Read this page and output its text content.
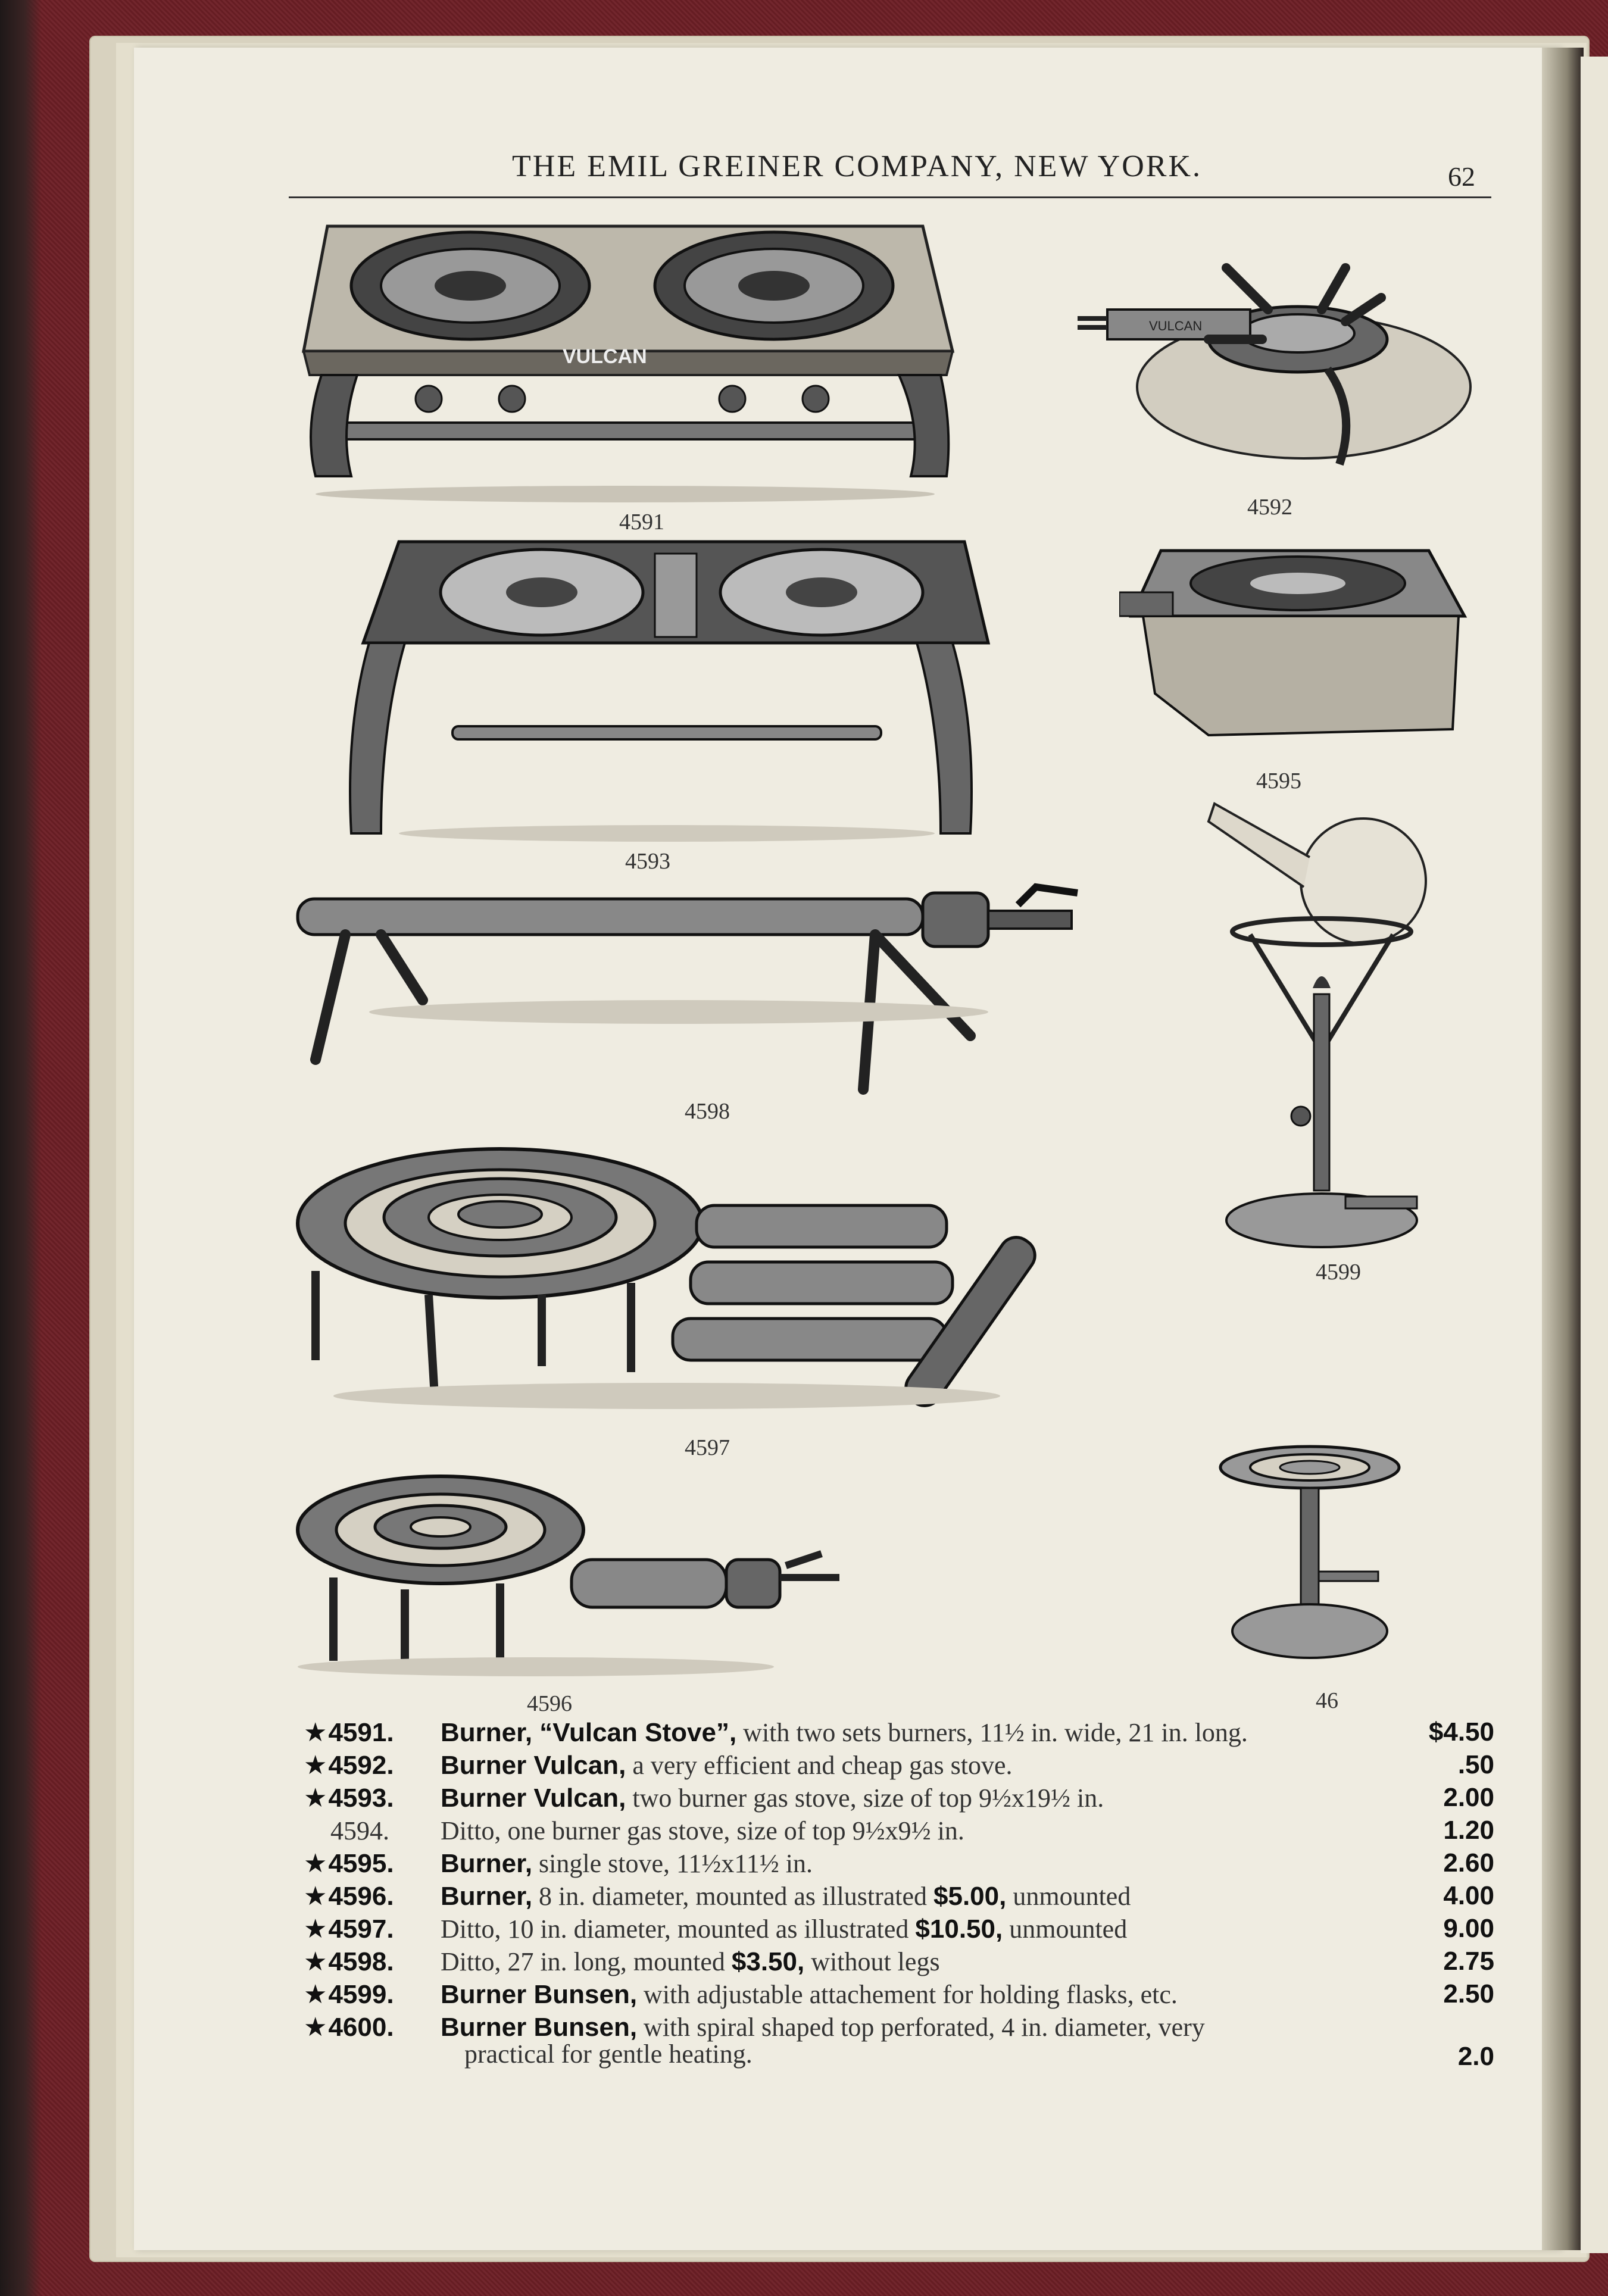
THE EMIL GREINER COMPANY, NEW YORK.	62
VULCAN
4591
VULCAN
4592
4593
4595
4598
4599
4597
4596	46
★4591.	Burner, “Vulcan Stove”, with two sets burners, 11½ in. wide, 21 in. long.	$4.50
★4592.	Burner Vulcan, a very efficient and cheap gas stove.	.50
★4593.	Burner Vulcan, two burner gas stove, size of top 9½x19½ in.	2.00
4594.	Ditto, one burner gas stove, size of top 9½x9½ in.	1.20
★4595.	Burner, single stove, 11½x11½ in.	2.60
★4596.	Burner, 8 in. diameter, mounted as illustrated $5.00, unmounted	4.00
★4597.	Ditto, 10 in. diameter, mounted as illustrated $10.50, unmounted	9.00
★4598.	Ditto, 27 in. long, mounted $3.50, without legs	2.75
★4599.	Burner Bunsen, with adjustable attachement for holding flasks, etc.	2.50
★4600.	Burner Bunsen, with spiral shaped top perforated, 4 in. diameter, very
practical for gentle heating.	2.0
